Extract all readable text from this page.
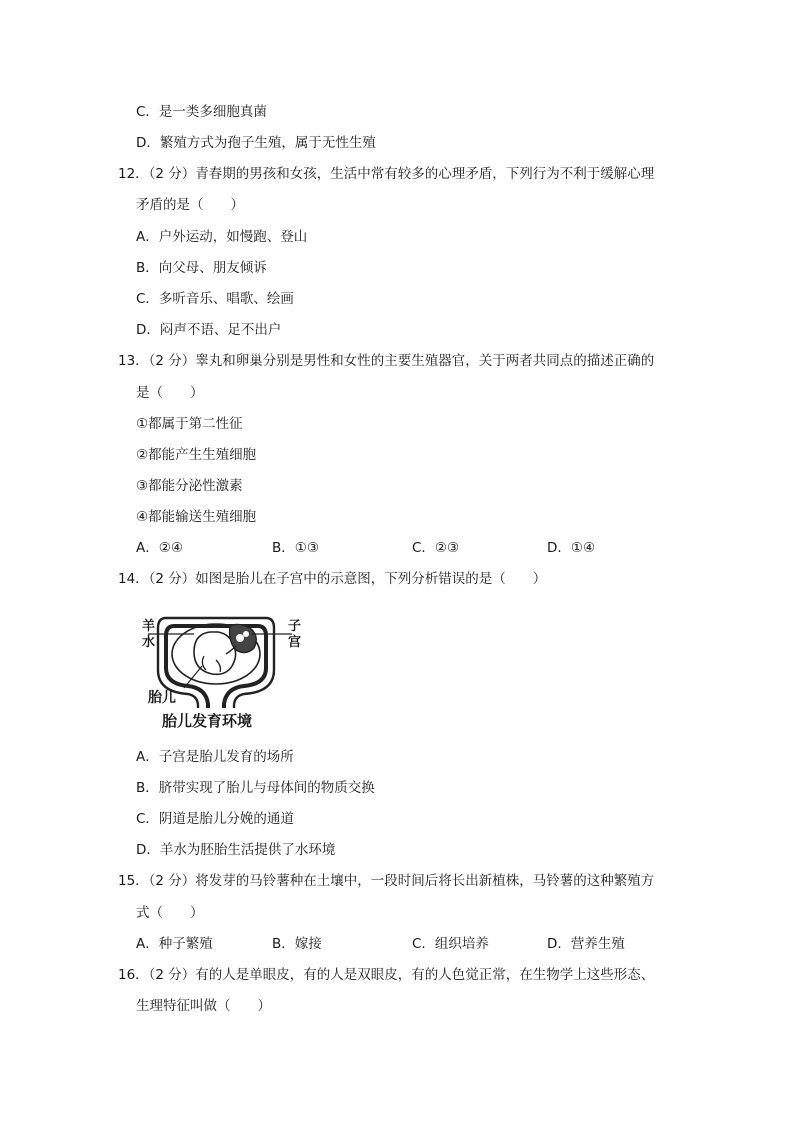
C．是一类多细胞真菌
D．繁殖方式为孢子生殖，属于无性生殖
12．（2 分）青春期的男孩和女孩，生活中常有较多的心理矛盾，下列行为不利于缓解心理
矛盾的是（　　）
A．户外运动，如慢跑、登山
B．向父母、朋友倾诉
C．多听音乐、唱歌、绘画
D．闷声不语、足不出户
13．（2 分）睾丸和卵巢分别是男性和女性的主要生殖器官，关于两者共同点的描述正确的
是（　　）
①都属于第二性征
②都能产生生殖细胞
③都能分泌性激素
④都能输送生殖细胞
A．②④	B．①③	C．②③	D．①④
14．（2 分）如图是胎儿在子宫中的示意图，下列分析错误的是（　　）
羊
水
子
宫
胎儿
胎儿发育环境
A．子宫是胎儿发育的场所
B．脐带实现了胎儿与母体间的物质交换
C．阴道是胎儿分娩的通道
D．羊水为胚胎生活提供了水环境
15．（2 分）将发芽的马铃薯种在土壤中，一段时间后将长出新植株，马铃薯的这种繁殖方
式（　　）
A．种子繁殖	B．嫁接	C．组织培养	D．营养生殖
16．（2 分）有的人是单眼皮，有的人是双眼皮，有的人色觉正常，在生物学上这些形态、
生理特征叫做（　　）
